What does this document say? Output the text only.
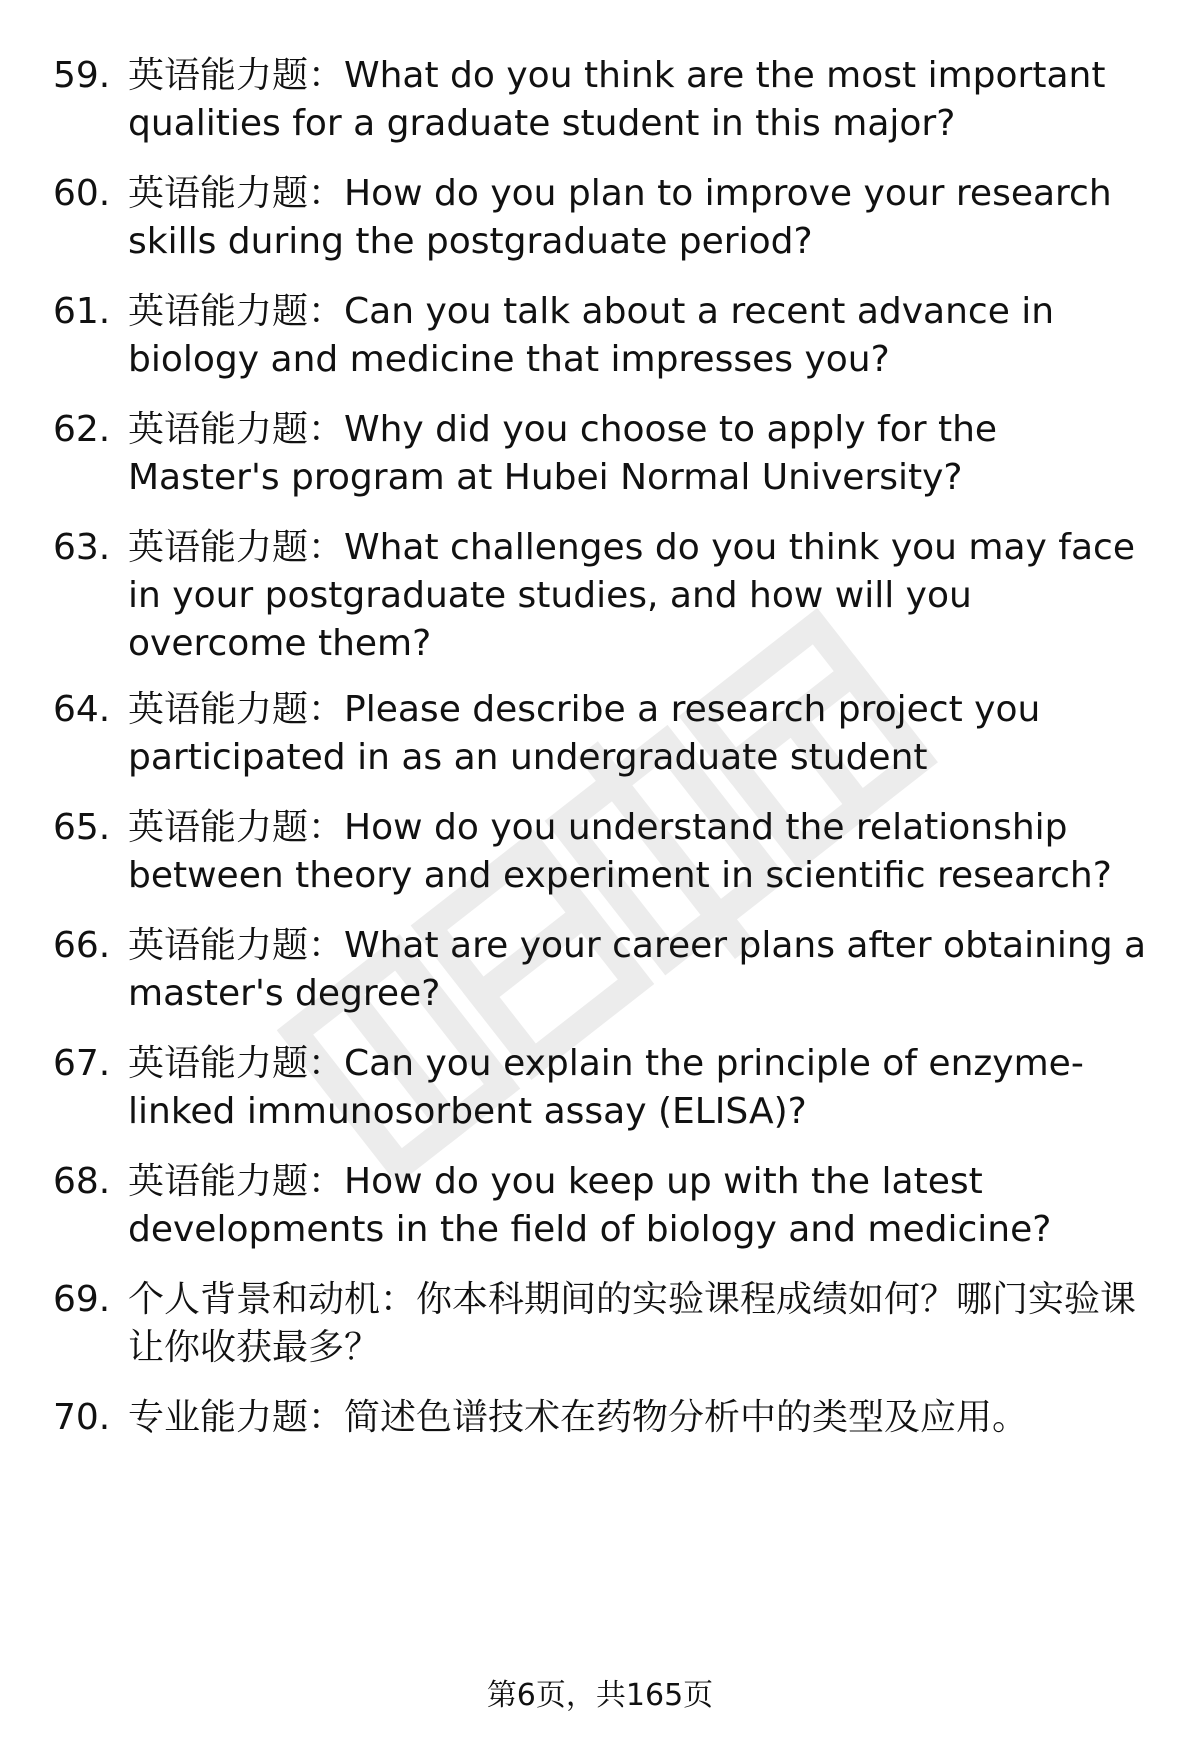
59. 英语能力题：What do you think are the most important qualities for a graduate student in this major?
60. 英语能力题：How do you plan to improve your research skills during the postgraduate period?
61. 英语能力题：Can you talk about a recent advance in biology and medicine that impresses you?
62. 英语能力题：Why did you choose to apply for the Master's program at Hubei Normal University?
63. 英语能力题：What challenges do you think you may face in your postgraduate studies, and how will you overcome them?
64. 英语能力题：Please describe a research project you participated in as an undergraduate student
65. 英语能力题：How do you understand the relationship between theory and experiment in scientific research?
66. 英语能力题：What are your career plans after obtaining a master's degree?
67. 英语能力题：Can you explain the principle of enzyme-linked immunosorbent assay (ELISA)?
68. 英语能力题：How do you keep up with the latest developments in the field of biology and medicine?
69. 个人背景和动机：你本科期间的实验课程成绩如何？哪门实验课让你收获最多？
70. 专业能力题：简述色谱技术在药物分析中的类型及应用。
第6页，共165页
